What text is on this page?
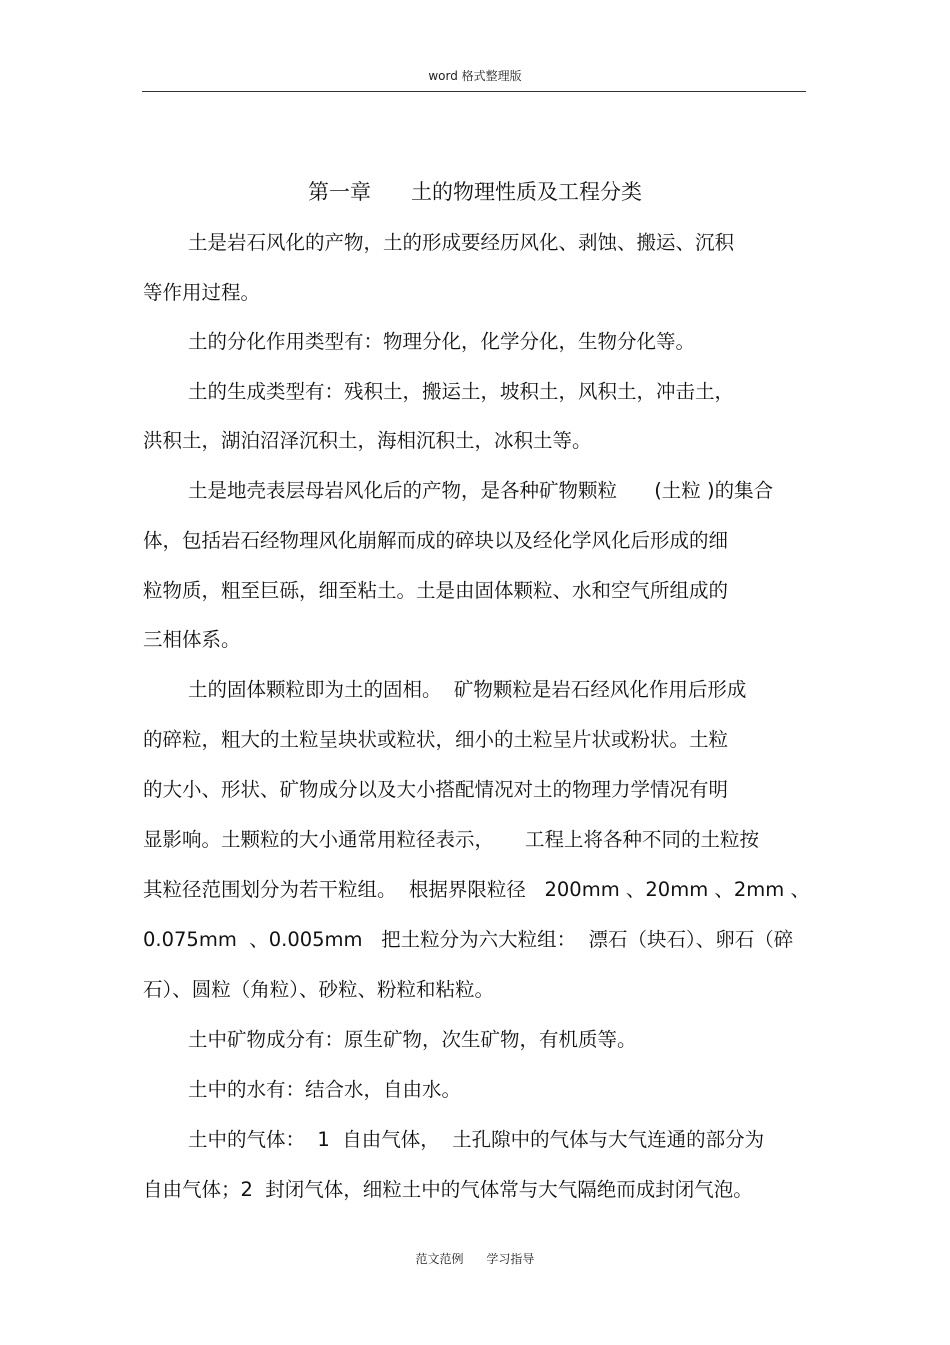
word 格式整理版
第一章      土的物理性质及工程分类
土是岩石风化的产物，土的形成要经历风化、剥蚀、搬运、沉积
等作用过程。
土的分化作用类型有：物理分化，化学分化，生物分化等。
土的生成类型有：残积土，搬运土，坡积土，风积土，冲击土，
洪积土，湖泊沼泽沉积土，海相沉积土，冰积土等。
土是地壳表层母岩风化后的产物，是各种矿物颗粒      (土粒 )的集合
体，包括岩石经物理风化崩解而成的碎块以及经化学风化后形成的细
粒物质，粗至巨砾，细至粘土。土是由固体颗粒、水和空气所组成的
三相体系。
土的固体颗粒即为土的固相。  矿物颗粒是岩石经风化作用后形成
的碎粒，粗大的土粒呈块状或粒状，细小的土粒呈片状或粉状。土粒
的大小、形状、矿物成分以及大小搭配情况对土的物理力学情况有明
显影响。土颗粒的大小通常用粒径表示，     工程上将各种不同的土粒按
其粒径范围划分为若干粒组。  根据界限粒径   200mm 、20mm 、2mm 、
0.075mm  、0.005mm   把土粒分为六大粒组：  漂石（块石）、卵石（碎
石）、圆粒（角粒）、砂粒、粉粒和粘粒。
土中矿物成分有：原生矿物，次生矿物，有机质等。
土中的水有：结合水，自由水。
土中的气体：  1  自由气体，  土孔隙中的气体与大气连通的部分为
自由气体；2  封闭气体，细粒土中的气体常与大气隔绝而成封闭气泡。
范文范例      学习指导
